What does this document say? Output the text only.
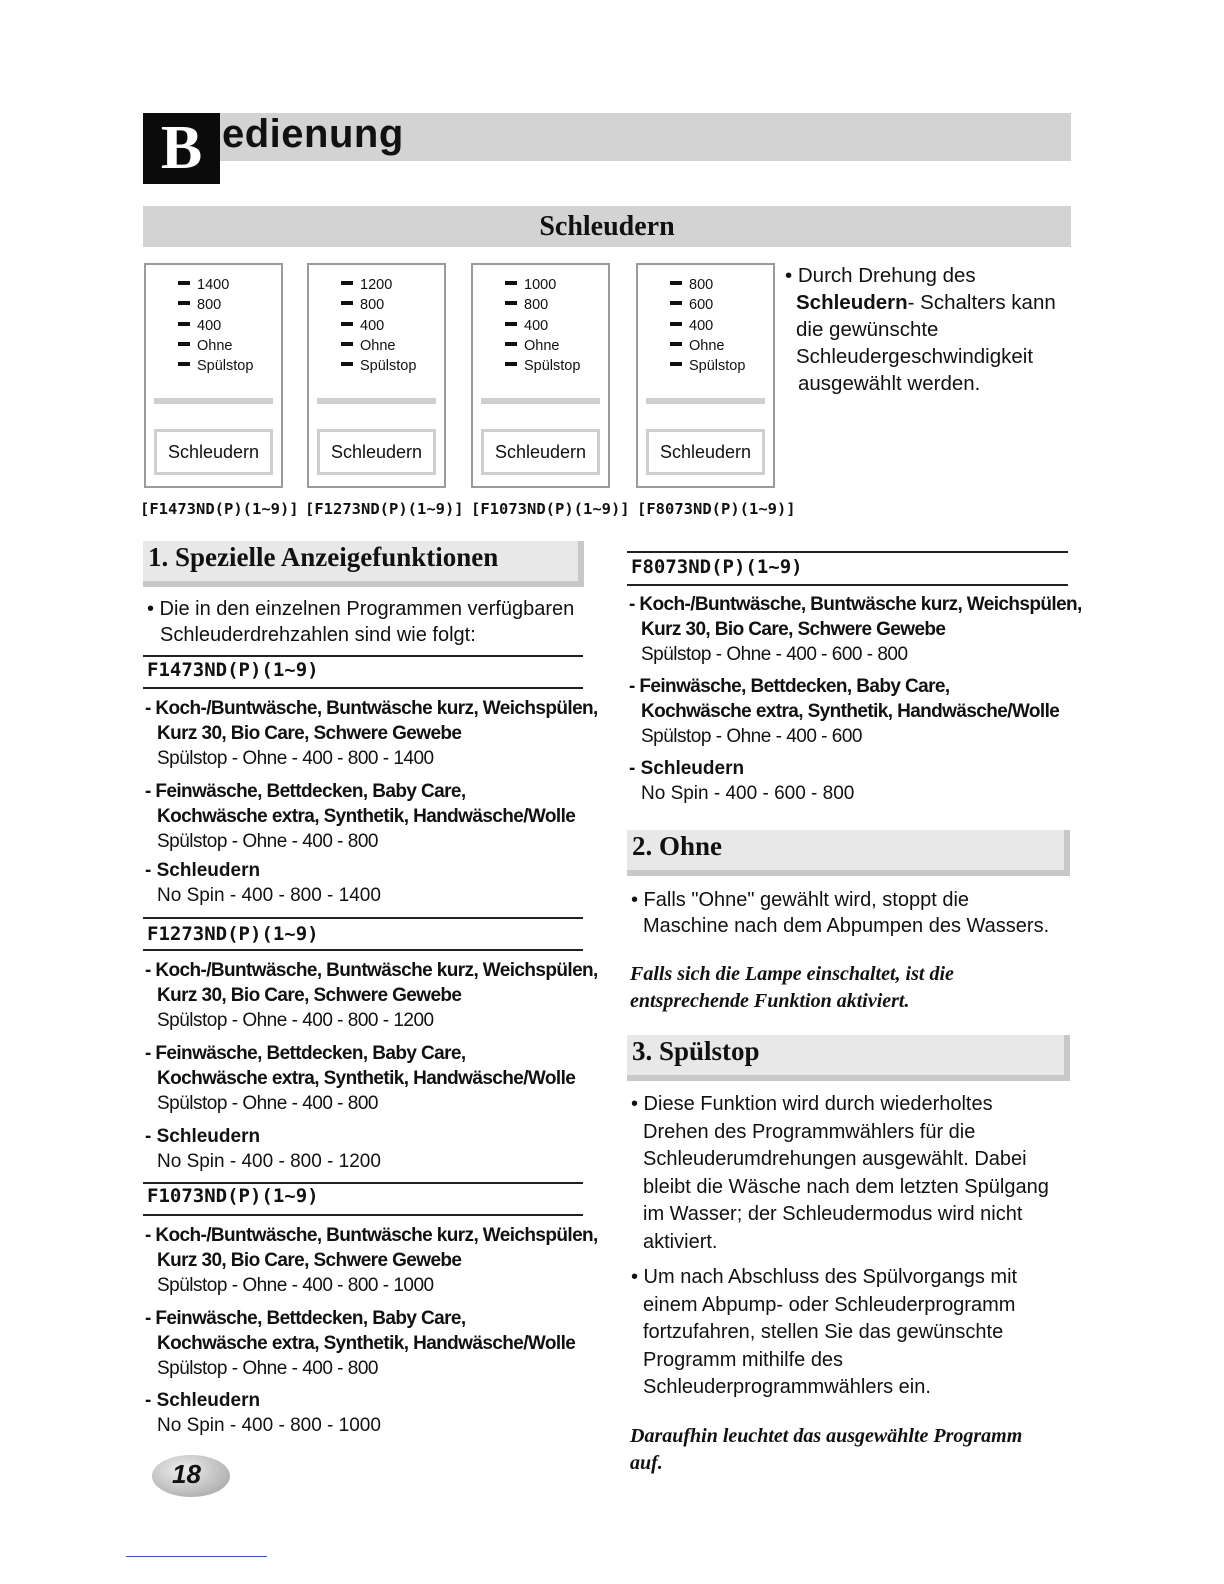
B edienung
Schleudern
1400
800
400
Ohne
Spülstop
Schleudern
1200
800
400
Ohne
Spülstop
Schleudern
1000
800
400
Ohne
Spülstop
Schleudern
800
600
400
Ohne
Spülstop
Schleudern
[F1473ND(P)(1~9)] [F1273ND(P)(1~9)] [F1073ND(P)(1~9)] [F8073ND(P)(1~9)]
• Durch Drehung des
Schleudern- Schalters kann
die gewünschte
Schleudergeschwindigkeit
ausgewählt werden.
1. Spezielle Anzeigefunktionen
• Die in den einzelnen Programmen verfügbaren
Schleuderdrehzahlen sind wie folgt:
F1473ND(P)(1~9)
- Koch-/Buntwäsche, Buntwäsche kurz, Weichspülen,
Kurz 30, Bio Care, Schwere Gewebe
Spülstop - Ohne - 400 - 800 - 1400
- Feinwäsche, Bettdecken, Baby Care,
Kochwäsche extra, Synthetik, Handwäsche/Wolle
Spülstop - Ohne - 400 - 800
- Schleudern
No Spin - 400 - 800 - 1400
F1273ND(P)(1~9)
- Koch-/Buntwäsche, Buntwäsche kurz, Weichspülen,
Kurz 30, Bio Care, Schwere Gewebe
Spülstop - Ohne - 400 - 800 - 1200
- Feinwäsche, Bettdecken, Baby Care,
Kochwäsche extra, Synthetik, Handwäsche/Wolle
Spülstop - Ohne - 400 - 800
- Schleudern
No Spin - 400 - 800 - 1200
F1073ND(P)(1~9)
- Koch-/Buntwäsche, Buntwäsche kurz, Weichspülen,
Kurz 30, Bio Care, Schwere Gewebe
Spülstop - Ohne - 400 - 800 - 1000
- Feinwäsche, Bettdecken, Baby Care,
Kochwäsche extra, Synthetik, Handwäsche/Wolle
Spülstop - Ohne - 400 - 800
- Schleudern
No Spin - 400 - 800 - 1000
F8073ND(P)(1~9)
- Koch-/Buntwäsche, Buntwäsche kurz, Weichspülen,
Kurz 30, Bio Care, Schwere Gewebe
Spülstop - Ohne - 400 - 600 - 800
- Feinwäsche, Bettdecken, Baby Care,
Kochwäsche extra, Synthetik, Handwäsche/Wolle
Spülstop - Ohne - 400 - 600
- Schleudern
No Spin - 400 - 600 - 800
2. Ohne
• Falls "Ohne" gewählt wird, stoppt die
Maschine nach dem Abpumpen des Wassers.
Falls sich die Lampe einschaltet, ist die
entsprechende Funktion aktiviert.
3. Spülstop
• Diese Funktion wird durch wiederholtes
Drehen des Programmwählers für die
Schleuderumdrehungen ausgewählt. Dabei
bleibt die Wäsche nach dem letzten Spülgang
im Wasser; der Schleudermodus wird nicht
aktiviert.
• Um nach Abschluss des Spülvorgangs mit
einem Abpump- oder Schleuderprogramm
fortzufahren, stellen Sie das gewünschte
Programm mithilfe des
Schleuderprogrammwählers ein.
Daraufhin leuchtet das ausgewählte Programm
auf.
18
